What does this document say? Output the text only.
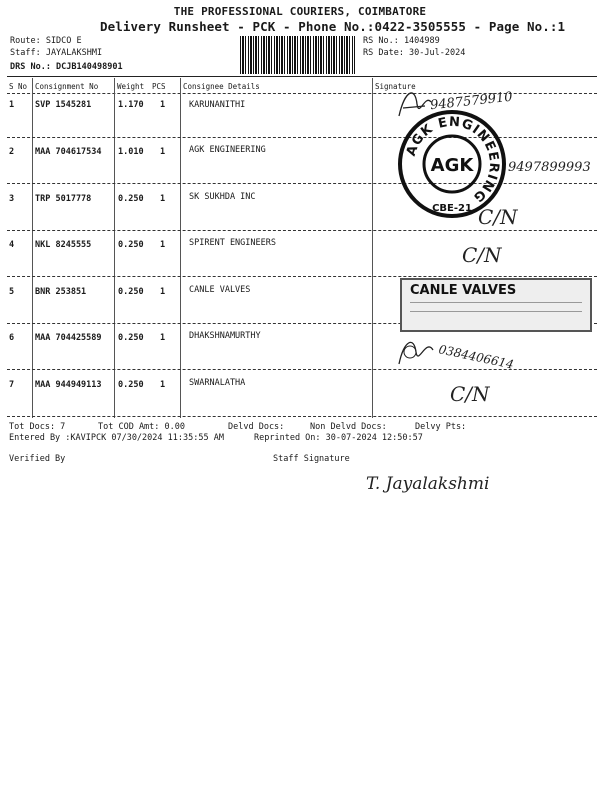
THE PROFESSIONAL COURIERS, COIMBATORE
Delivery Runsheet - PCK - Phone No.:0422-3505555 - Page No.:1
Route: SIDCO E
Staff: JAYALAKSHMI
DRS No.: DCJB140498901
RS No.: 1404989
RS Date: 30-Jul-2024
S No Consignment No	Weight PCS Consignee Details	Signature
1 SVP 1545281	1.170 1	KARUNANITHI
2 MAA 704617534 1.010 1	AGK ENGINEERING
3 TRP 5017778	0.250 1	SK SUKHDA INC
4 NKL 8245555	0.250 1	SPIRENT ENGINEERS
5 BNR 253851	0.250 1	CANLE VALVES
6 MAA 704425589 0.250 1	DHAKSHNAMURTHY
7 MAA 944949113 0.250 1	SWARNALATHA
9487579910
AGK ENGINEERING
AGK
CBE-21
9497899993
C/N
C/N
CANLE VALVES
0384406614
C/N
Tot Docs: 7	Tot COD Amt: 0.00	Delvd Docs:	Non Delvd Docs:	Delvy Pts:
Entered By :KAVIPCK 07/30/2024 11:35:55 AM	Reprinted On: 30-07-2024 12:50:57
Verified By	Staff Signature
T. Jayalakshmi
